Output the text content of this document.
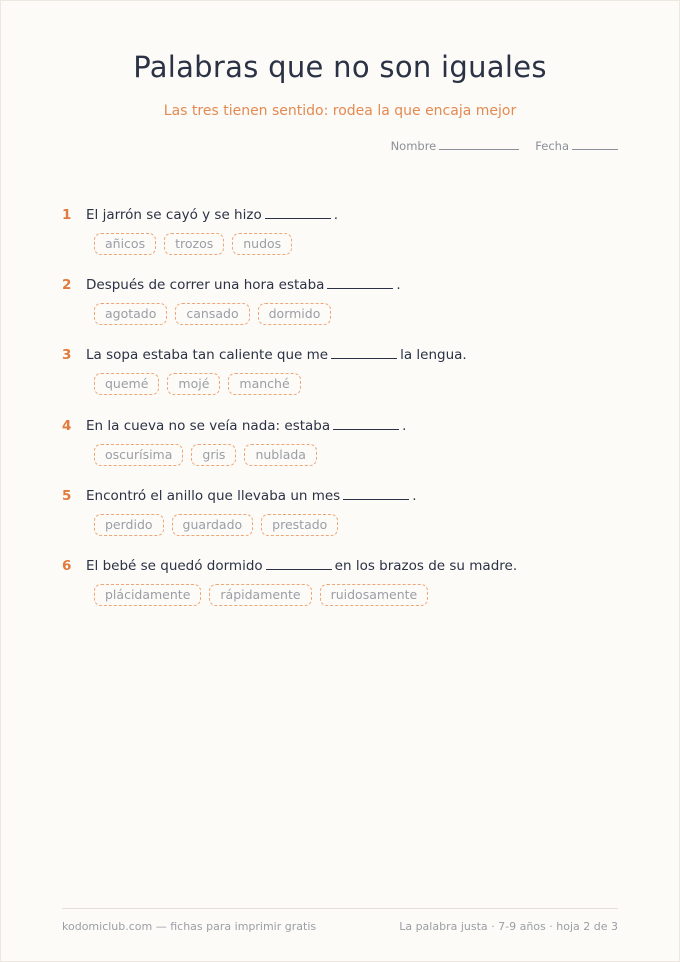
Palabras que no son iguales
Las tres tienen sentido: rodea la que encaja mejor
Nombre	Fecha
1	El jarrón se cayó y se hizo	.
añicos	trozos	nudos
2	Después de correr una hora estaba	.
agotado	cansado	dormido
3	La sopa estaba tan caliente que me	la lengua.
quemé	mojé	manché
4	En la cueva no se veía nada: estaba	.
oscurísima	gris	nublada
5	Encontró el anillo que llevaba un mes	.
perdido	guardado	prestado
6	El bebé se quedó dormido	en los brazos de su madre.
plácidamente	rápidamente	ruidosamente
kodomiclub.com — fichas para imprimir gratis	La palabra justa · 7-9 años · hoja 2 de 3
